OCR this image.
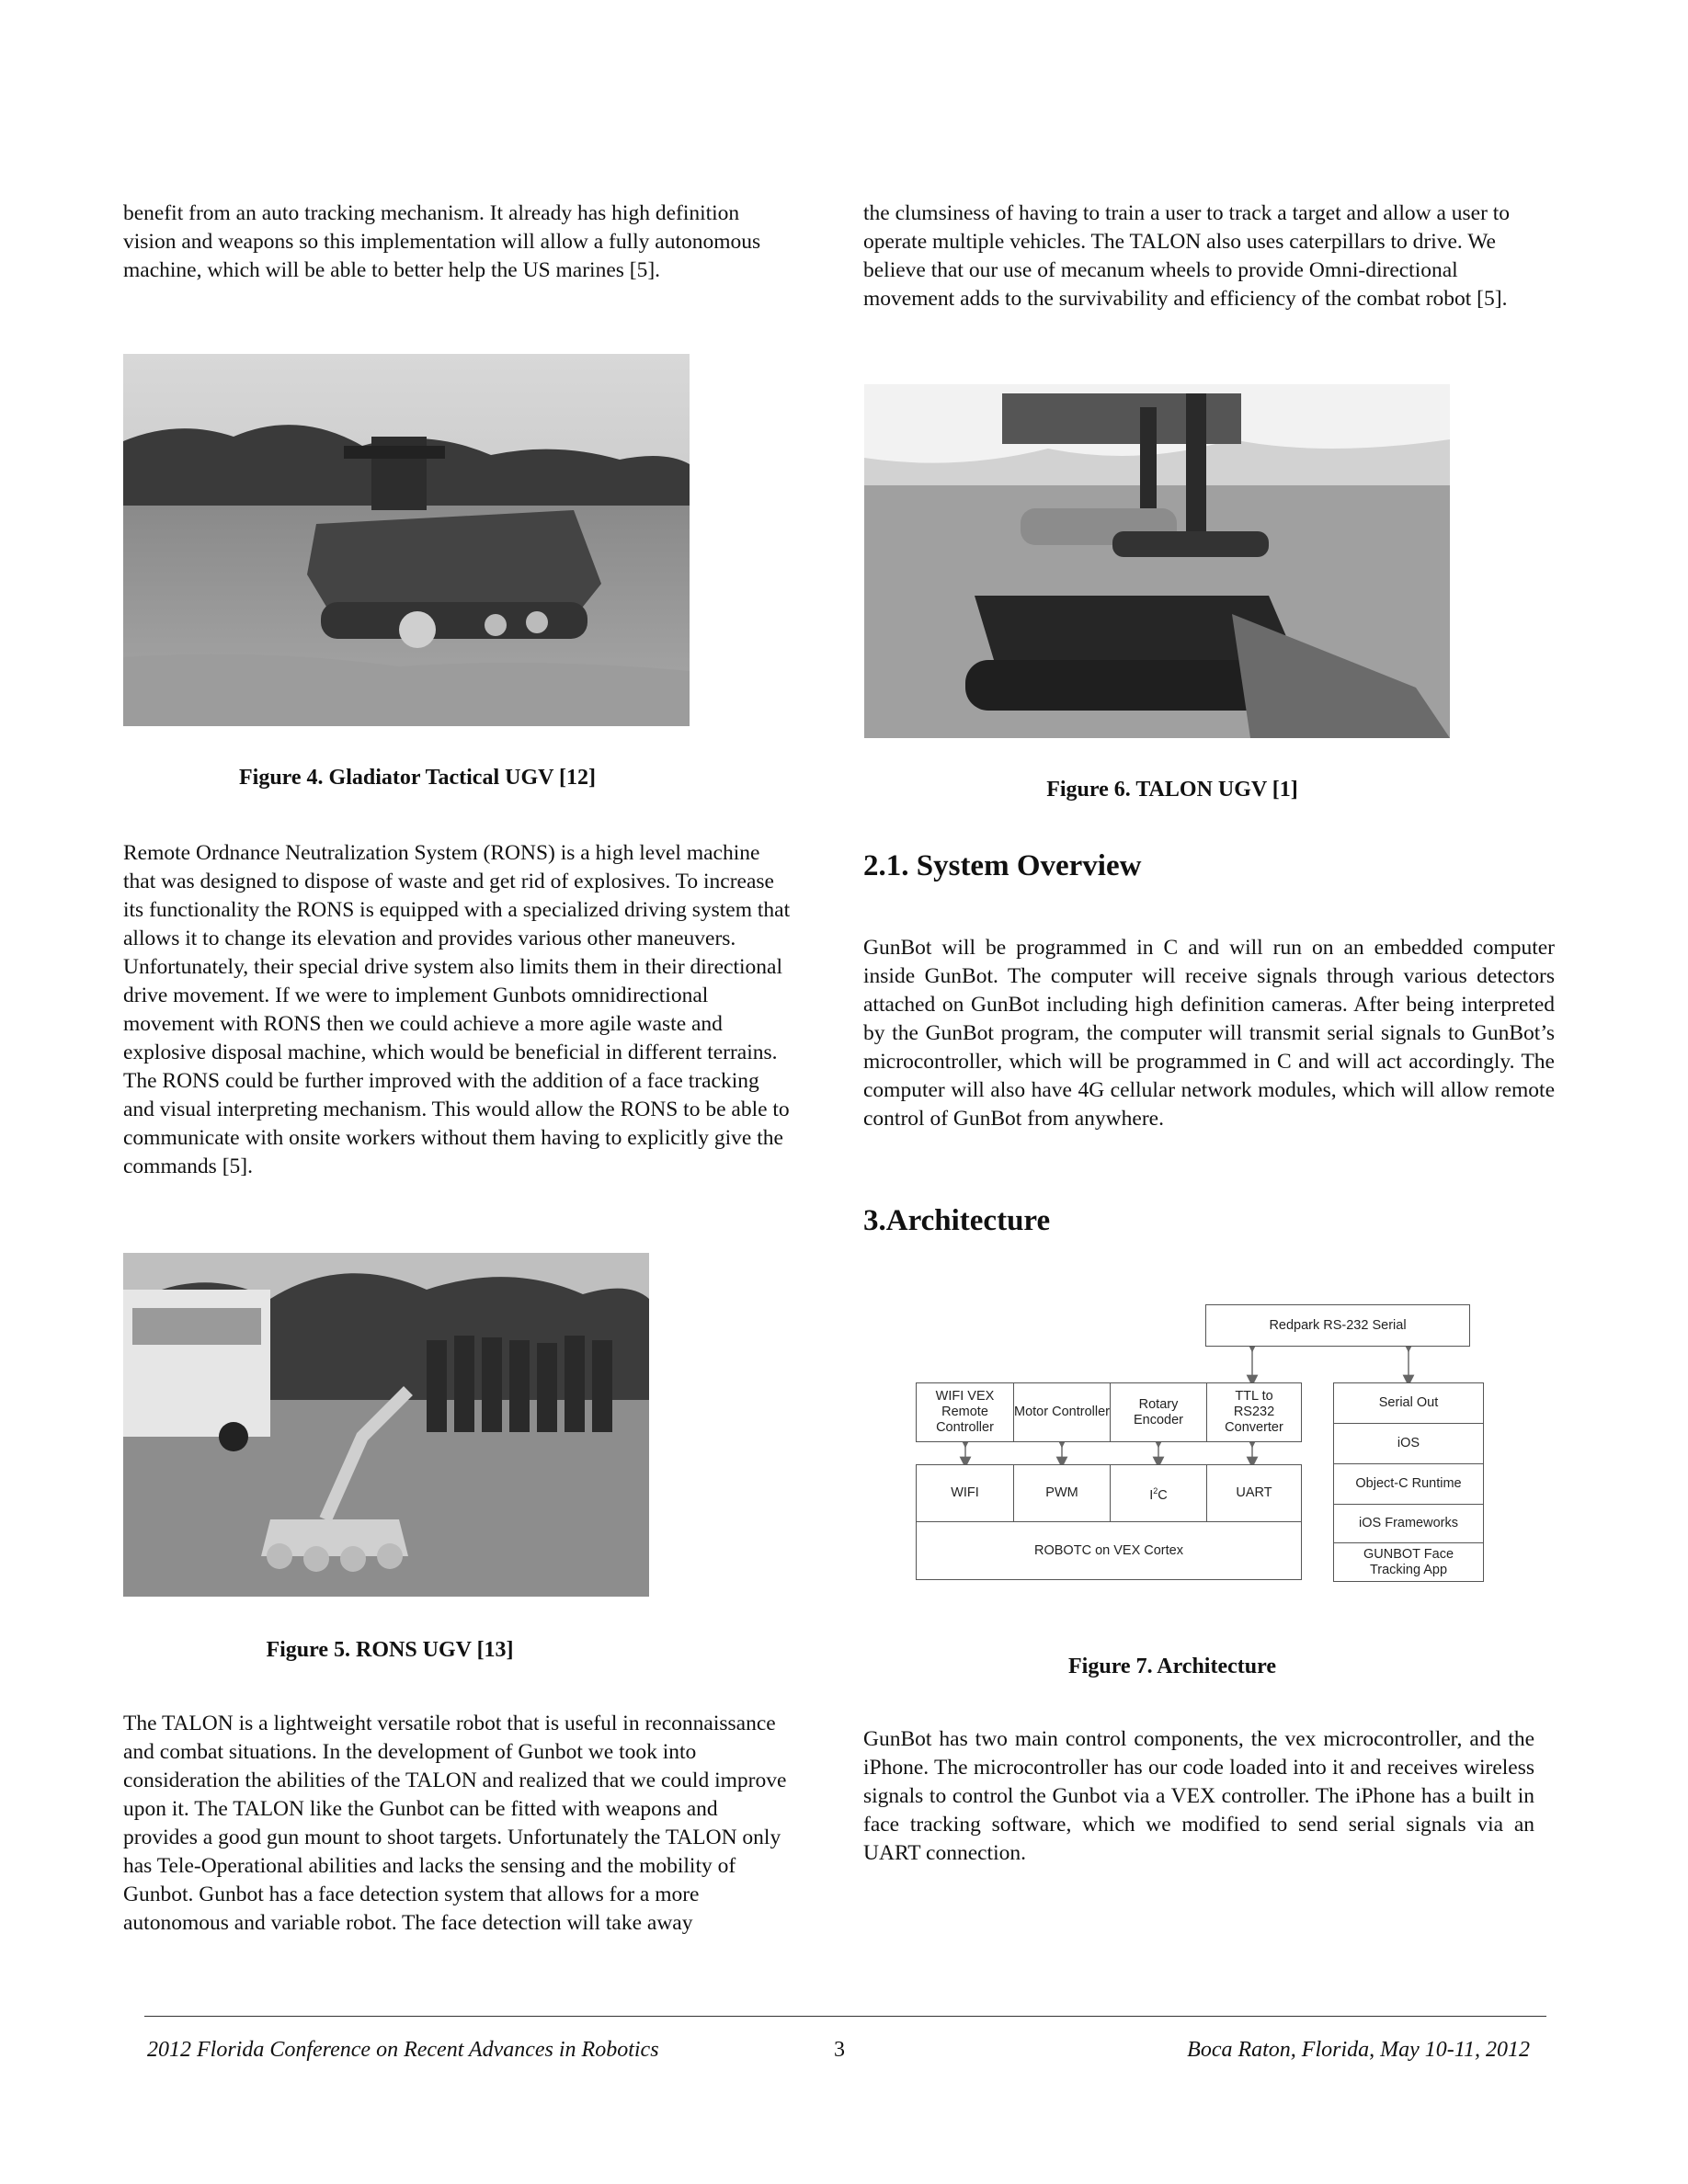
benefit from an auto tracking mechanism. It already has high definition vision and weapons so this implementation will allow a fully autonomous machine, which will be able to better help the US marines [5].

Figure 4. Gladiator Tactical UGV [12]

Remote Ordnance Neutralization System (RONS) is a high level machine that was designed to dispose of waste and get rid of explosives. To increase its functionality the RONS is equipped with a specialized driving system that allows it to change its elevation and provides various other maneuvers. Unfortunately, their special drive system also limits them in their directional drive movement. If we were to implement Gunbots omnidirectional movement with RONS then we could achieve a more agile waste and explosive disposal machine, which would be beneficial in different terrains. The RONS could be further improved with the addition of a face tracking and visual interpreting mechanism. This would allow the RONS to be able to communicate with onsite workers without them having to explicitly give the commands [5].

Figure 5. RONS UGV [13]

The TALON is a lightweight versatile robot that is useful in reconnaissance and combat situations. In the development of Gunbot we took into consideration the abilities of the TALON and realized that we could improve upon it. The TALON like the Gunbot can be fitted with weapons and provides a good gun mount to shoot targets. Unfortunately the TALON only has Tele-Operational abilities and lacks the sensing and the mobility of Gunbot. Gunbot has a face detection system that allows for a more autonomous and variable robot. The face detection will take away

the clumsiness of having to train a user to track a target and allow a user to operate multiple vehicles. The TALON also uses caterpillars to drive. We believe that our use of mecanum wheels to provide Omni-directional movement adds to the survivability and efficiency of the combat robot [5].

Figure 6. TALON UGV [1]

2.1. System Overview

GunBot will be programmed in C and will run on an embedded computer inside GunBot. The computer will receive signals through various detectors attached on GunBot including high definition cameras. After being interpreted by the GunBot program, the computer will transmit serial signals to GunBot’s microcontroller, which will be programmed in C and will act accordingly. The computer will also have 4G cellular network modules, which will allow remote control of GunBot from anywhere.

3.Architecture
Redpark RS-232 Serial
WIFI VEX Remote Controller
Motor Controller
Rotary Encoder
TTL to RS232 Converter
WIFI	PWM	$I^2C$	UART
ROBOTC on VEX Cortex
Serial Out
iOS
Object-C Runtime
iOS Frameworks
GUNBOT Face Tracking App

Figure 7. Architecture

GunBot has two main control components, the vex microcontroller, and the iPhone. The microcontroller has our code loaded into it and receives wireless signals to control the Gunbot via a VEX controller. The iPhone has a built in face tracking software, which we modified to send serial signals via an UART connection.

2012 Florida Conference on Recent Advances in Robotics	3	Boca Raton, Florida, May 10-11, 2012
